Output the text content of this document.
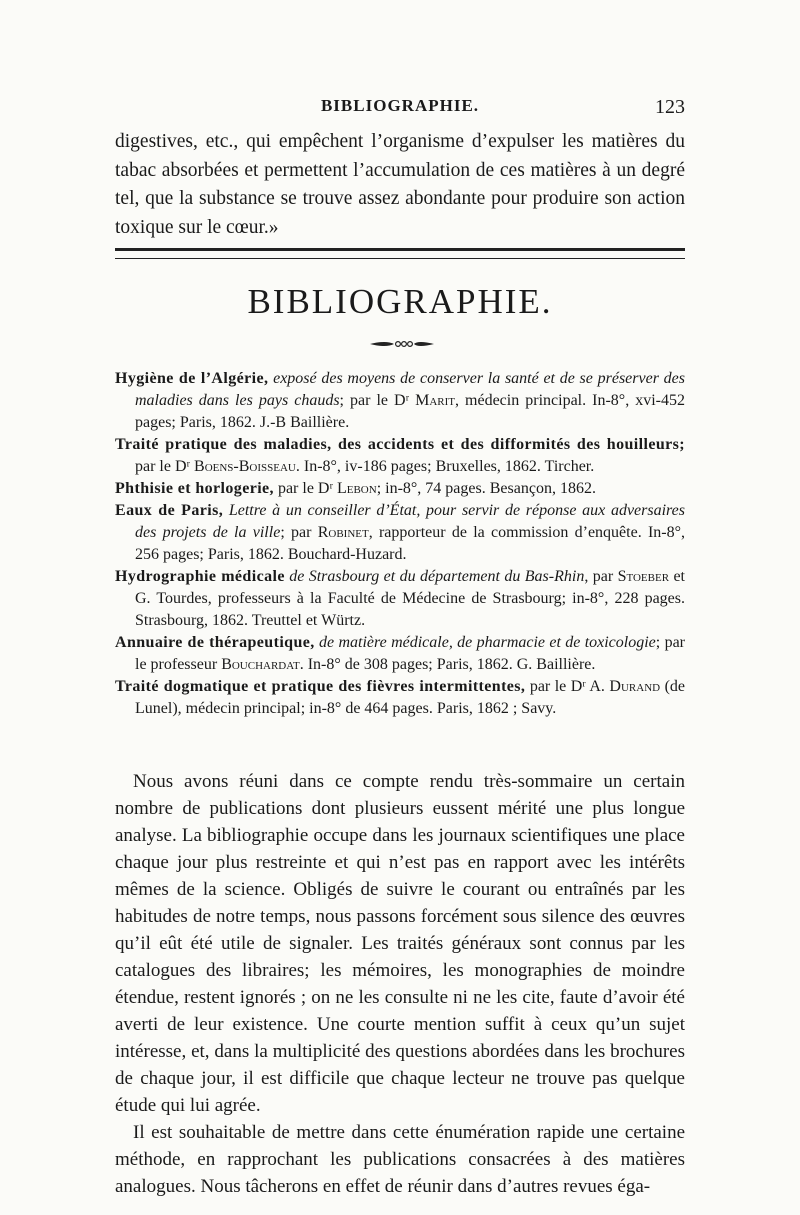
BIBLIOGRAPHIE.	123

digestives, etc., qui empêchent l’organisme d’expulser les matières du tabac absorbées et permettent l’accumulation de ces matières à un degré tel, que la substance se trouve assez abondante pour produire son action toxique sur le cœur.»

BIBLIOGRAPHIE.
Hygiène de l’Algérie, exposé des moyens de conserver la santé et de se préserver des maladies dans les pays chauds; par le Dʳ Marit, médecin principal. In-8°, xvi-452 pages; Paris, 1862. J.-B Baillière.
Traité pratique des maladies, des accidents et des difformités des houilleurs; par le Dʳ Boens-Boisseau. In-8°, iv-186 pages; Bruxelles, 1862. Tircher.
Phthisie et horlogerie, par le Dʳ Lebon; in-8°, 74 pages. Besançon, 1862.
Eaux de Paris, Lettre à un conseiller d’État, pour servir de réponse aux adversaires des projets de la ville; par Robinet, rapporteur de la commission d’enquête. In-8°, 256 pages; Paris, 1862. Bouchard-Huzard.
Hydrographie médicale de Strasbourg et du département du Bas-Rhin, par Stoeber et G. Tourdes, professeurs à la Faculté de Médecine de Strasbourg; in-8°, 228 pages. Strasbourg, 1862. Treuttel et Würtz.
Annuaire de thérapeutique, de matière médicale, de pharmacie et de toxicologie; par le professeur Bouchardat. In-8° de 308 pages; Paris, 1862. G. Baillière.
Traité dogmatique et pratique des fièvres intermittentes, par le Dʳ A. Durand (de Lunel), médecin principal; in-8° de 464 pages. Paris, 1862 ; Savy.

Nous avons réuni dans ce compte rendu très-sommaire un certain nombre de publications dont plusieurs eussent mérité une plus longue analyse. La bibliographie occupe dans les journaux scientifiques une place chaque jour plus restreinte et qui n’est pas en rapport avec les intérêts mêmes de la science. Obligés de suivre le courant ou entraînés par les habitudes de notre temps, nous passons forcément sous silence des œuvres qu’il eût été utile de signaler. Les traités généraux sont connus par les catalogues des libraires; les mémoires, les monographies de moindre étendue, restent ignorés ; on ne les consulte ni ne les cite, faute d’avoir été averti de leur existence. Une courte mention suffit à ceux qu’un sujet intéresse, et, dans la multiplicité des questions abordées dans les brochures de chaque jour, il est difficile que chaque lecteur ne trouve pas quelque étude qui lui agrée.

Il est souhaitable de mettre dans cette énumération rapide une certaine méthode, en rapprochant les publications consacrées à des matières analogues. Nous tâcherons en effet de réunir dans d’autres revues éga-
